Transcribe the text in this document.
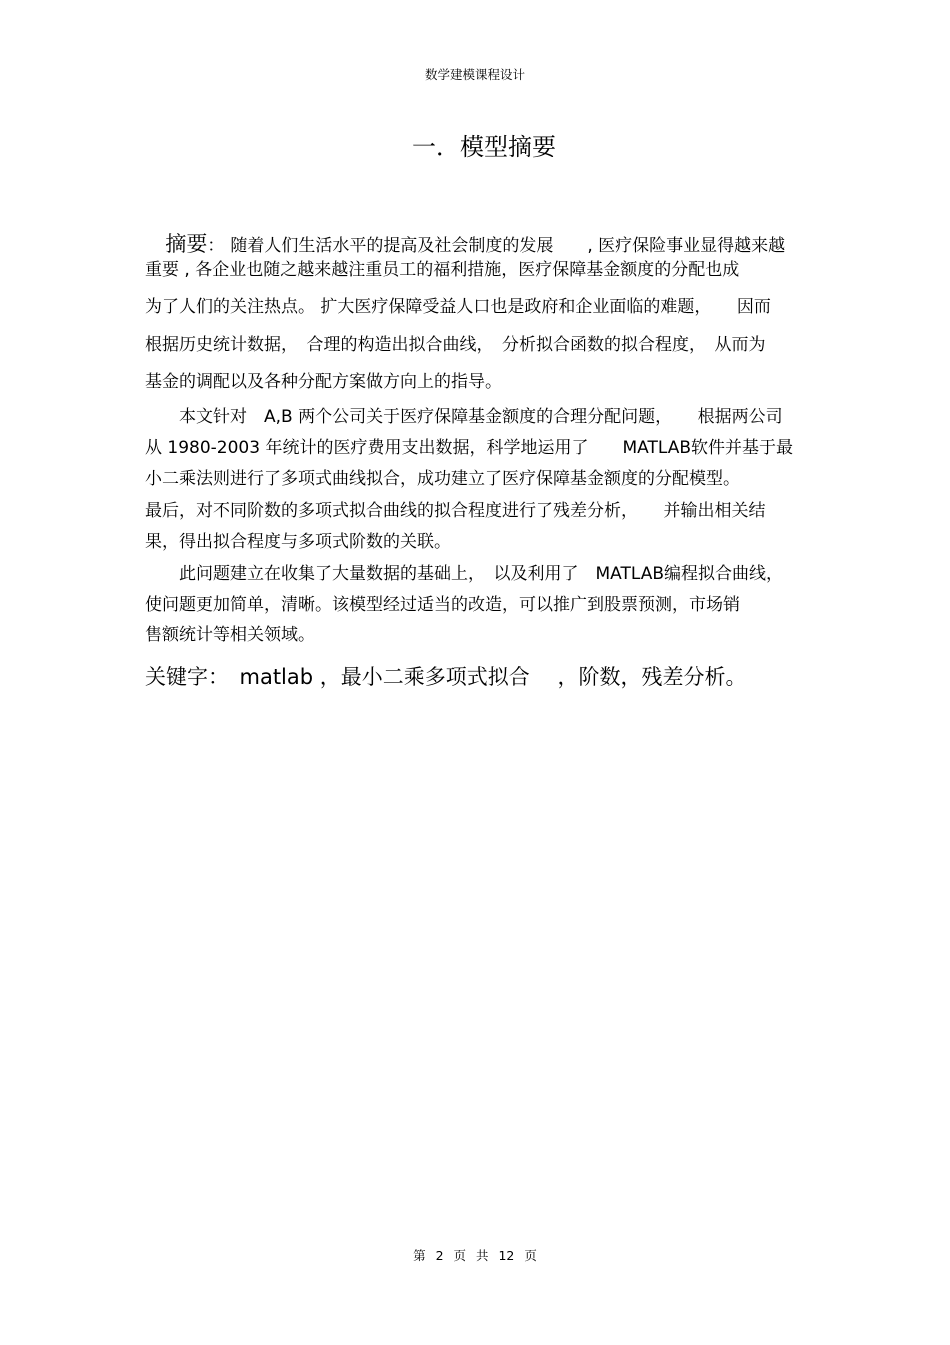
数学建模课程设计
一．模型摘要

摘要： 随着人们生活水平的提高及社会制度的发展　　, 医疗保险事业显得越来越

重要 , 各企业也随之越来越注重员工的福利措施，医疗保障基金额度的分配也成
为了人们的关注热点。 扩大医疗保障受益人口也是政府和企业面临的难题，　　因而
根据历史统计数据，　合理的构造出拟合曲线，　分析拟合函数的拟合程度，　从而为
基金的调配以及各种分配方案做方向上的指导。
　　本文针对　A,B 两个公司关于医疗保障基金额度的合理分配问题，　　根据两公司
从 1980-2003 年统计的医疗费用支出数据，科学地运用了　　MATLAB软件并基于最
小二乘法则进行了多项式曲线拟合，成功建立了医疗保障基金额度的分配模型。
最后，对不同阶数的多项式拟合曲线的拟合程度进行了残差分析，　　并输出相关结
果，得出拟合程度与多项式阶数的关联。
　　此问题建立在收集了大量数据的基础上，　以及利用了　MATLAB编程拟合曲线，
使问题更加简单，清晰。该模型经过适当的改造，可以推广到股票预测，市场销
售额统计等相关领域。
关键字：　matlab ，最小二乘多项式拟合　 ，阶数，残差分析。
第 2 页 共 12 页
